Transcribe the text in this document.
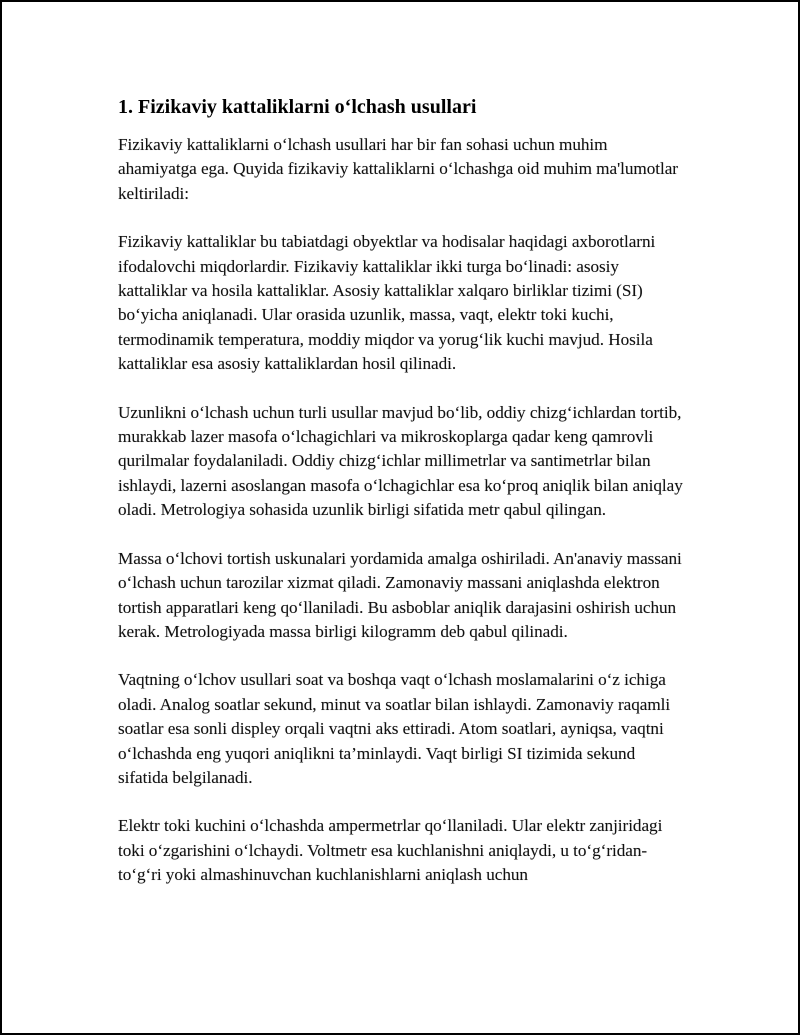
1. Fizikaviy kattaliklarni o‘lchash usullari

Fizikaviy kattaliklarni o‘lchash usullari har bir fan sohasi uchun muhim ahamiyatga ega. Quyida fizikaviy kattaliklarni o‘lchashga oid muhim ma'lumotlar keltiriladi:

Fizikaviy kattaliklar bu tabiatdagi obyektlar va hodisalar haqidagi axborotlarni ifodalovchi miqdorlardir. Fizikaviy kattaliklar ikki turga bo‘linadi: asosiy kattaliklar va hosila kattaliklar. Asosiy kattaliklar xalqaro birliklar tizimi (SI) bo‘yicha aniqlanadi. Ular orasida uzunlik, massa, vaqt, elektr toki kuchi, termodinamik temperatura, moddiy miqdor va yorug‘lik kuchi mavjud. Hosila kattaliklar esa asosiy kattaliklardan hosil qilinadi.

Uzunlikni o‘lchash uchun turli usullar mavjud bo‘lib, oddiy chizg‘ichlardan tortib, murakkab lazer masofa o‘lchagichlari va mikroskoplarga qadar keng qamrovli qurilmalar foydalaniladi. Oddiy chizg‘ichlar millimetrlar va santimetrlar bilan ishlaydi, lazerni asoslangan masofa o‘lchagichlar esa ko‘proq aniqlik bilan aniqlay oladi. Metrologiya sohasida uzunlik birligi sifatida metr qabul qilingan.

Massa o‘lchovi tortish uskunalari yordamida amalga oshiriladi. An'anaviy massani o‘lchash uchun tarozilar xizmat qiladi. Zamonaviy massani aniqlashda elektron tortish apparatlari keng qo‘llaniladi. Bu asboblar aniqlik darajasini oshirish uchun kerak. Metrologiyada massa birligi kilogramm deb qabul qilinadi.

Vaqtning o‘lchov usullari soat va boshqa vaqt o‘lchash moslamalarini o‘z ichiga oladi. Analog soatlar sekund, minut va soatlar bilan ishlaydi. Zamonaviy raqamli soatlar esa sonli displey orqali vaqtni aks ettiradi. Atom soatlari, ayniqsa, vaqtni o‘lchashda eng yuqori aniqlikni ta’minlaydi. Vaqt birligi SI tizimida sekund sifatida belgilanadi.

Elektr toki kuchini o‘lchashda ampermetrlar qo‘llaniladi. Ular elektr zanjiridagi toki o‘zgarishini o‘lchaydi. Voltmetr esa kuchlanishni aniqlaydi, u to‘g‘ridan-to‘g‘ri yoki almashinuvchan kuchlanishlarni aniqlash uchun
